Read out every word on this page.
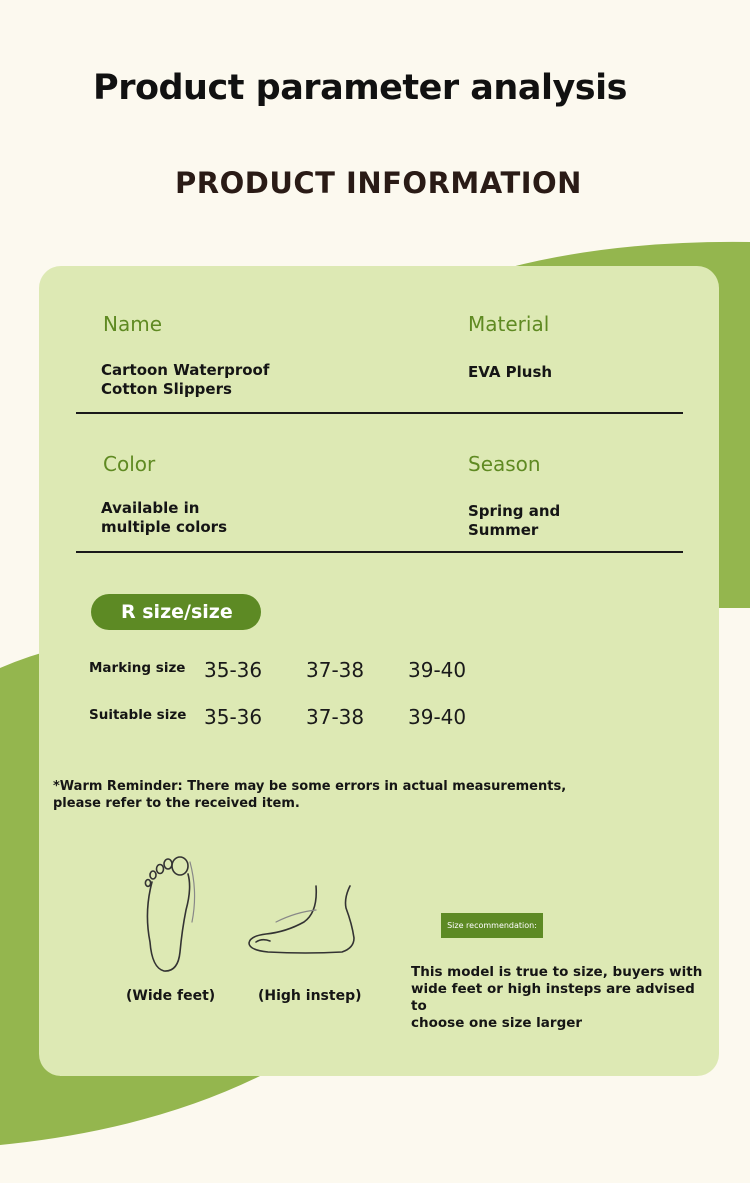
Product parameter analysis
PRODUCT INFORMATION
Name
Cartoon Waterproof
Cotton Slippers
Material
EVA Plush
Color
Available in
multiple colors
Season
Spring and
Summer
R size/size
Marking size 35-36 37-38 39-40
Suitable size 35-36 37-38 39-40
*Warm Reminder: There may be some errors in actual measurements,
please refer to the received item.
(Wide feet)	(High instep)
Size recommendation:
This model is true to size, buyers with
wide feet or high insteps are advised to
choose one size larger
